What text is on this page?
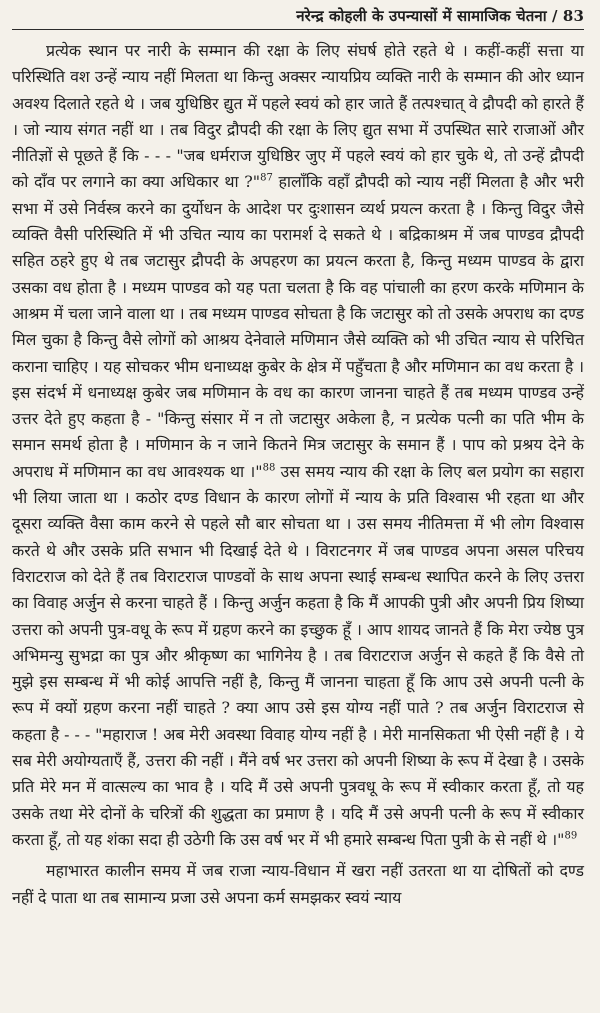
नरेन्द्र कोहली के उपन्यासों में सामाजिक चेतना / 83

प्रत्येक स्थान पर नारी के सम्मान की रक्षा के लिए संघर्ष होते रहते थे । कहीं-कहीं सत्ता या परिस्थिति वश उन्हें न्याय नहीं मिलता था किन्तु अक्सर न्यायप्रिय व्यक्ति नारी के सम्मान की ओर ध्यान अवश्य दिलाते रहते थे । जब युधिष्ठिर द्युत में पहले स्वयं को हार जाते हैं तत्पश्चात् वे द्रौपदी को हारते हैं । जो न्याय संगत नहीं था । तब विदुर द्रौपदी की रक्षा के लिए द्युत सभा में उपस्थित सारे राजाओं और नीतिज्ञों से पूछते हैं कि - - - "जब धर्मराज युधिष्ठिर जुए में पहले स्वयं को हार चुके थे, तो उन्हें द्रौपदी को दाँव पर लगाने का क्या अधिकार था ?"$^{87}$ हालाँकि वहाँ द्रौपदी को न्याय नहीं मिलता है और भरी सभा में उसे निर्वस्त्र करने का दुर्योधन के आदेश पर दुःशासन व्यर्थ प्रयत्न करता है । किन्तु विदुर जैसे व्यक्ति वैसी परिस्थिति में भी उचित न्याय का परामर्श दे सकते थे । बद्रिकाश्रम में जब पाण्डव द्रौपदी सहित ठहरे हुए थे तब जटासुर द्रौपदी के अपहरण का प्रयत्न करता है, किन्तु मध्यम पाण्डव के द्वारा उसका वध होता है । मध्यम पाण्डव को यह पता चलता है कि वह पांचाली का हरण करके मणिमान के आश्रम में चला जाने वाला था । तब मध्यम पाण्डव सोचता है कि जटासुर को तो उसके अपराध का दण्ड मिल चुका है किन्तु वैसे लोगों को आश्रय देनेवाले मणिमान जैसे व्यक्ति को भी उचित न्याय से परिचित कराना चाहिए । यह सोचकर भीम धनाध्यक्ष कुबेर के क्षेत्र में पहुँचता है और मणिमान का वध करता है । इस संदर्भ में धनाध्यक्ष कुबेर जब मणिमान के वध का कारण जानना चाहते हैं तब मध्यम पाण्डव उन्हें उत्तर देते हुए कहता है - "किन्तु संसार में न तो जटासुर अकेला है, न प्रत्येक पत्नी का पति भीम के समान समर्थ होता है । मणिमान के न जाने कितने मित्र जटासुर के समान हैं । पाप को प्रश्रय देने के अपराध में मणिमान का वध आवश्यक था ।"$^{88}$ उस समय न्याय की रक्षा के लिए बल प्रयोग का सहारा भी लिया जाता था । कठोर दण्ड विधान के कारण लोगों में न्याय के प्रति विश्वास भी रहता था और दूसरा व्यक्ति वैसा काम करने से पहले सौ बार सोचता था । उस समय नीतिमत्ता में भी लोग विश्वास करते थे और उसके प्रति सभान भी दिखाई देते थे । विराटनगर में जब पाण्डव अपना असल परिचय विराटराज को देते हैं तब विराटराज पाण्डवों के साथ अपना स्थाई सम्बन्ध स्थापित करने के लिए उत्तरा का विवाह अर्जुन से करना चाहते हैं । किन्तु अर्जुन कहता है कि मैं आपकी पुत्री और अपनी प्रिय शिष्या उत्तरा को अपनी पुत्र-वधू के रूप में ग्रहण करने का इच्छुक हूँ । आप शायद जानते हैं कि मेरा ज्येष्ठ पुत्र अभिमन्यु सुभद्रा का पुत्र और श्रीकृष्ण का भागिनेय है । तब विराटराज अर्जुन से कहते हैं कि वैसे तो मुझे इस सम्बन्ध में भी कोई आपत्ति नहीं है, किन्तु मैं जानना चाहता हूँ कि आप उसे अपनी पत्नी के रूप में क्यों ग्रहण करना नहीं चाहते ? क्या आप उसे इस योग्य नहीं पाते ? तब अर्जुन विराटराज से कहता है - - - "महाराज ! अब मेरी अवस्था विवाह योग्य नहीं है । मेरी मानसिकता भी ऐसी नहीं है । ये सब मेरी अयोग्यताएँ हैं, उत्तरा की नहीं । मैंने वर्ष भर उत्तरा को अपनी शिष्या के रूप में देखा है । उसके प्रति मेरे मन में वात्सल्य का भाव है । यदि मैं उसे अपनी पुत्रवधू के रूप में स्वीकार करता हूँ, तो यह उसके तथा मेरे दोनों के चरित्रों की शुद्धता का प्रमाण है । यदि मैं उसे अपनी पत्नी के रूप में स्वीकार करता हूँ, तो यह शंका सदा ही उठेगी कि उस वर्ष भर में भी हमारे सम्बन्ध पिता पुत्री के से नहीं थे ।"$^{89}$

महाभारत कालीन समय में जब राजा न्याय-विधान में खरा नहीं उतरता था या दोषितों को दण्ड नहीं दे पाता था तब सामान्य प्रजा उसे अपना कर्म समझकर स्वयं न्याय
